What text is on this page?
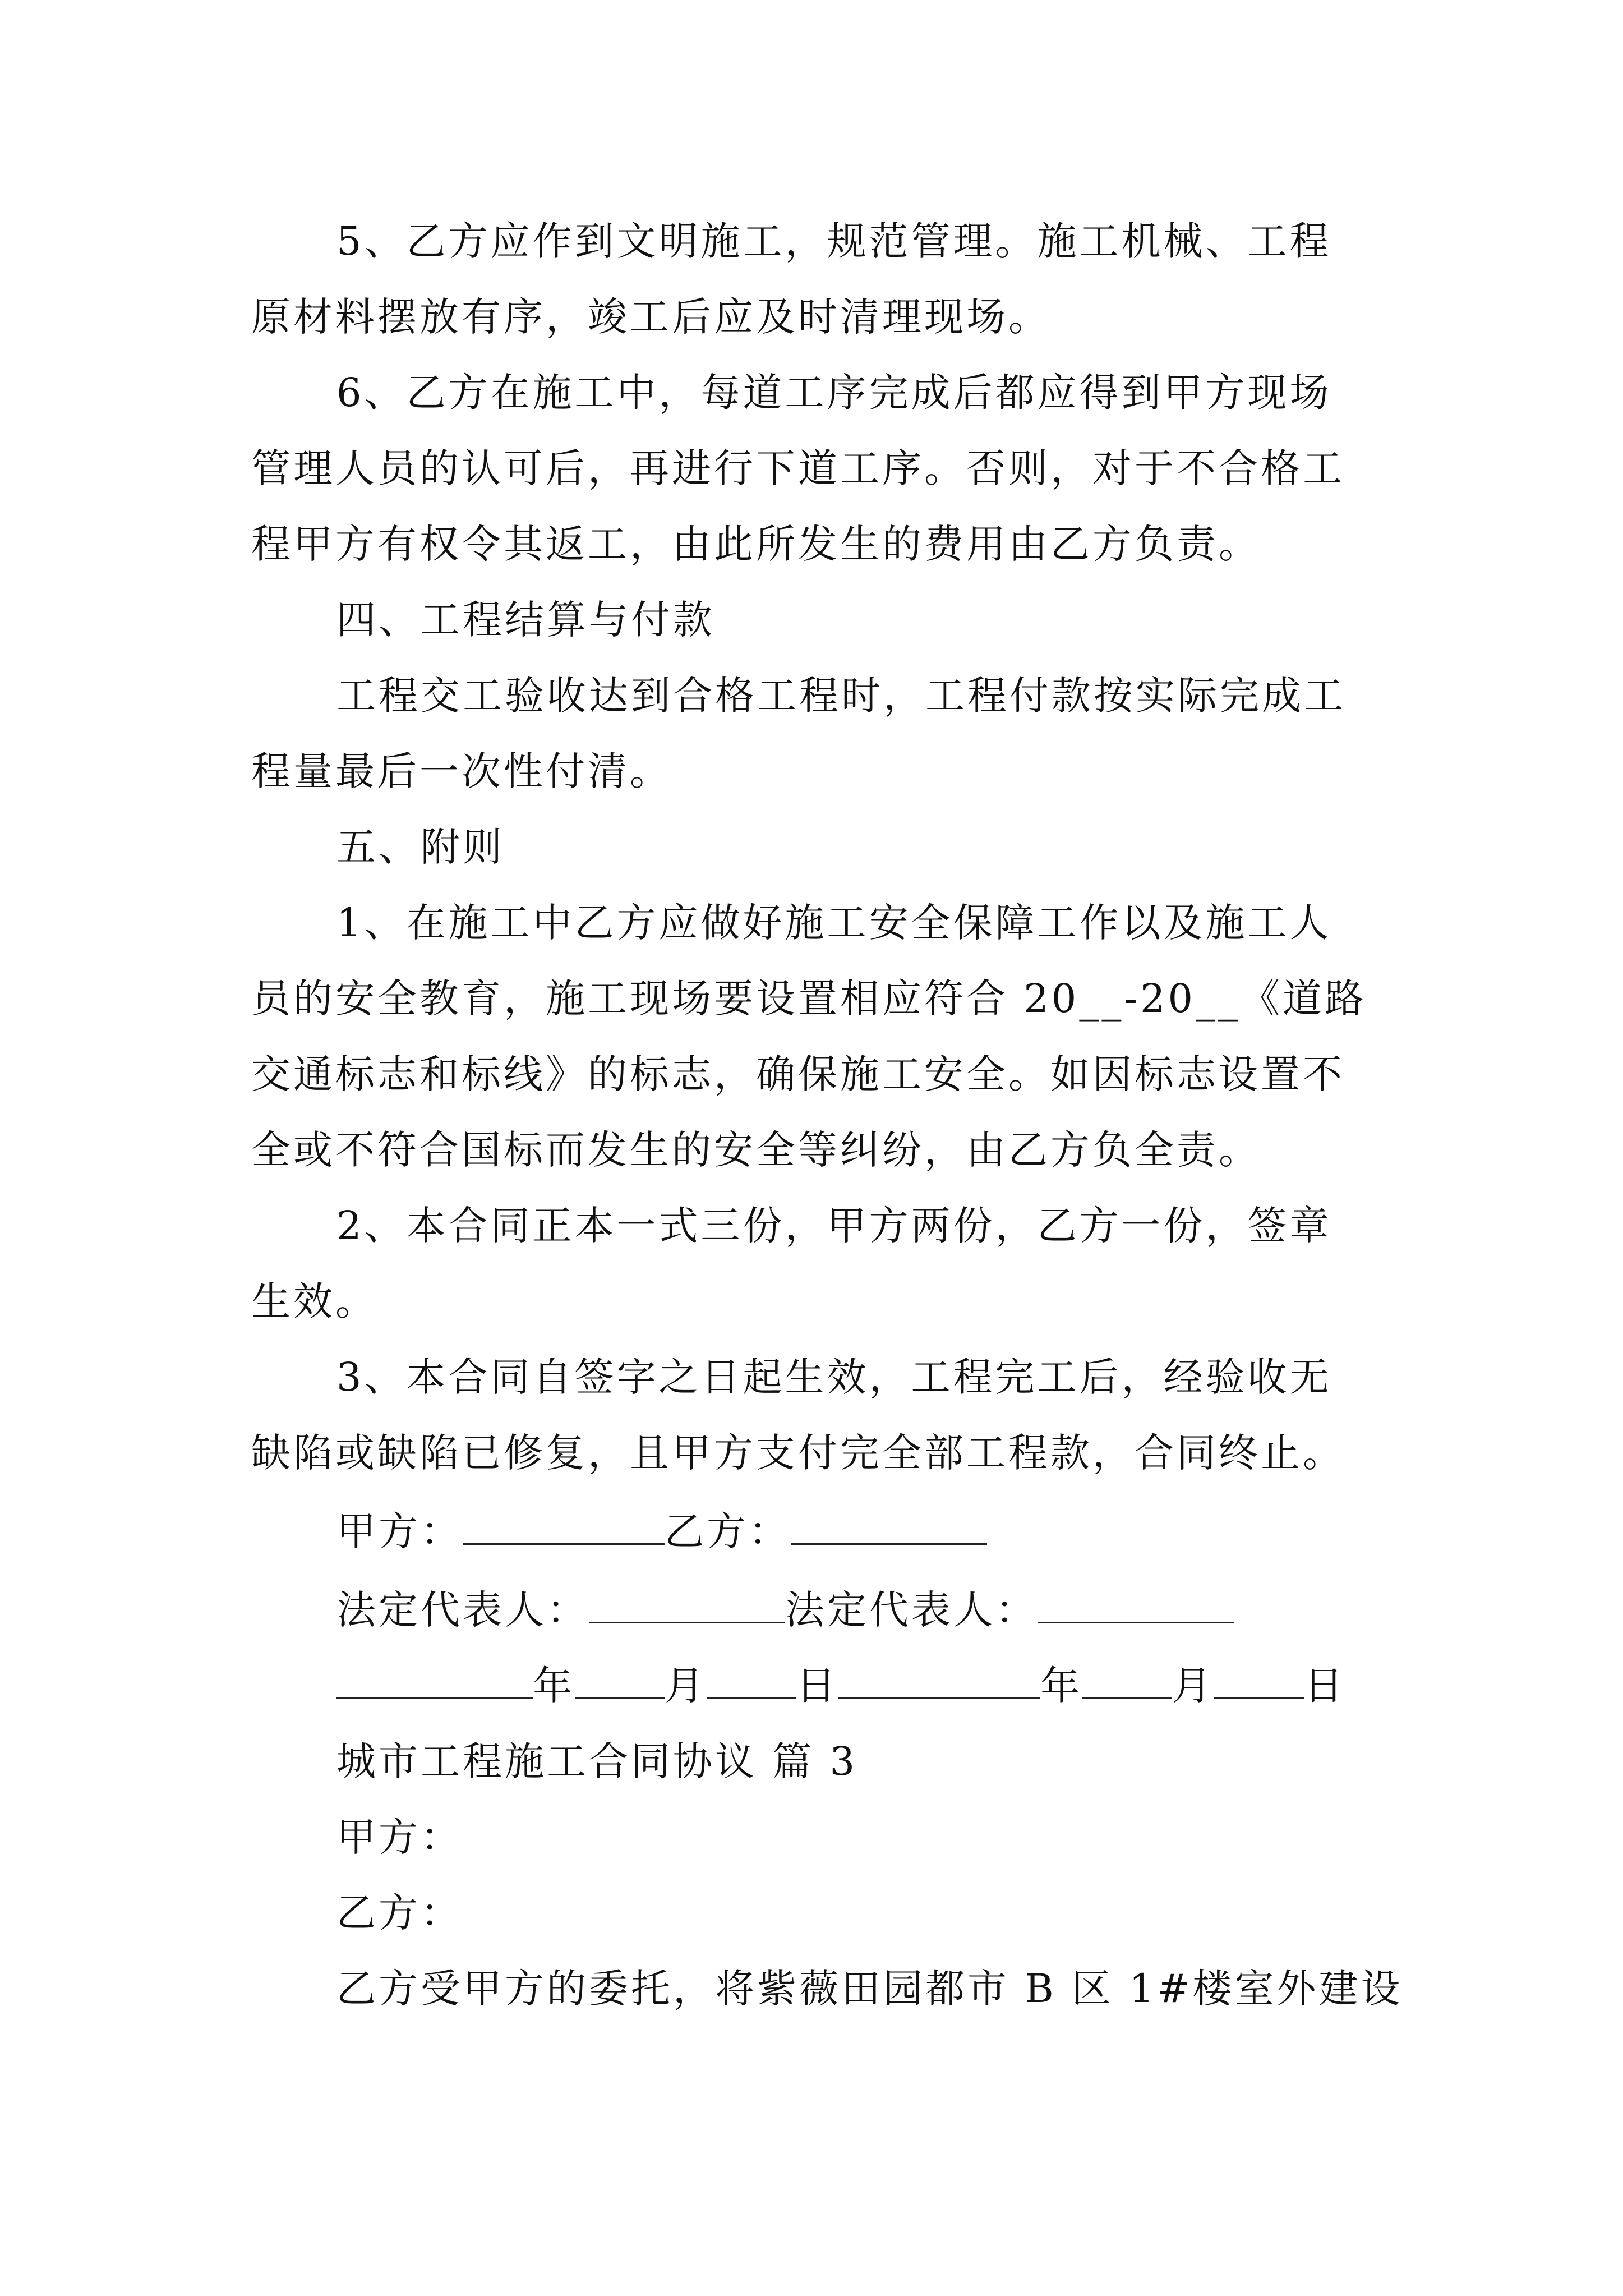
5、乙方应作到文明施工，规范管理。施工机械、工程

原材料摆放有序，竣工后应及时清理现场。

6、乙方在施工中，每道工序完成后都应得到甲方现场

管理人员的认可后，再进行下道工序。否则，对于不合格工

程甲方有权令其返工，由此所发生的费用由乙方负责。

四、工程结算与付款

工程交工验收达到合格工程时，工程付款按实际完成工

程量最后一次性付清。

五、附则

1、在施工中乙方应做好施工安全保障工作以及施工人

员的安全教育，施工现场要设置相应符合 20__-20__《道路

交通标志和标线》的标志，确保施工安全。如因标志设置不

全或不符合国标而发生的安全等纠纷，由乙方负全责。

2、本合同正本一式三份，甲方两份，乙方一份，签章

生效。

3、本合同自签字之日起生效，工程完工后，经验收无

缺陷或缺陷已修复，且甲方支付完全部工程款，合同终止。

甲方：	乙方：

法定代表人：	法定代表人：

年 月 日	年 月 日

城市工程施工合同协议 篇 3

甲方：

乙方：

乙方受甲方的委托，将紫薇田园都市 B 区 1#楼室外建设
